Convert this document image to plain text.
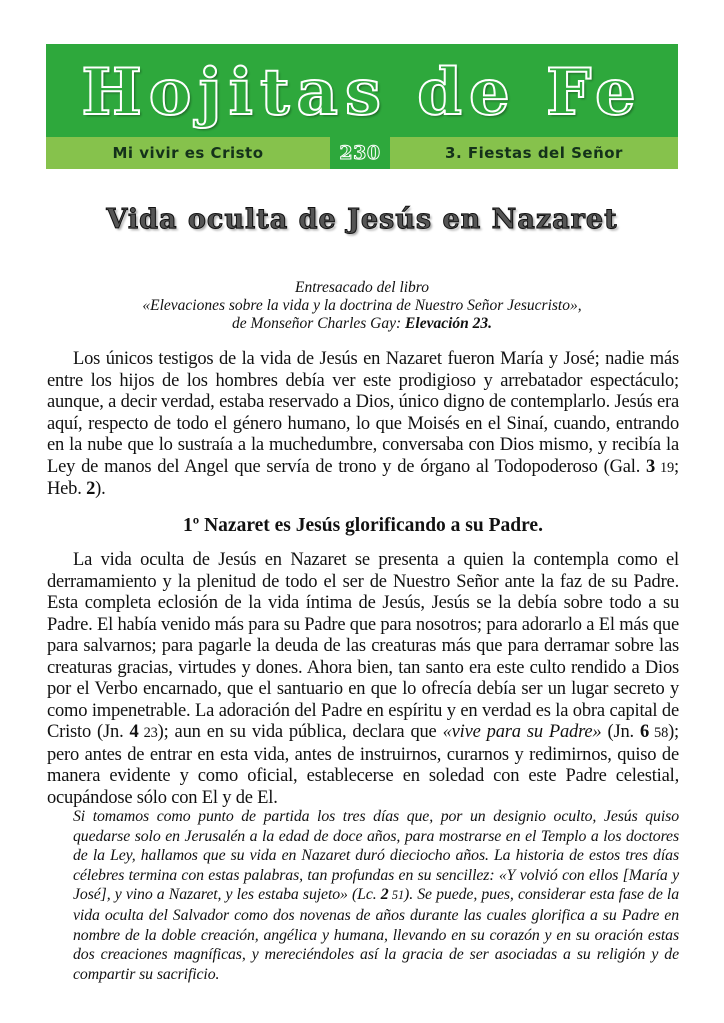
Hojitas de Fe
Mi vivir es Cristo	230	3. Fiestas del Señor
Vida oculta de Jesús en Nazaret
Entresacado del libro
«Elevaciones sobre la vida y la doctrina de Nuestro Señor Jesucristo»,
de Monseñor Charles Gay: Elevación 23.

Los únicos testigos de la vida de Jesús en Nazaret fueron María y José; nadie más entre los hijos de los hombres debía ver este prodigioso y arrebatador espectáculo; aunque, a decir verdad, estaba reservado a Dios, único digno de contemplarlo. Jesús era aquí, respecto de todo el género humano, lo que Moisés en el Sinaí, cuando, entrando en la nube que lo sustraía a la muchedumbre, conversaba con Dios mismo, y recibía la Ley de manos del Angel que servía de trono y de órgano al Todopoderoso (Gal. 3 19; Heb. 2).

1º Nazaret es Jesús glorificando a su Padre.

La vida oculta de Jesús en Nazaret se presenta a quien la contempla como el derramamiento y la plenitud de todo el ser de Nuestro Señor ante la faz de su Padre. Esta completa eclosión de la vida íntima de Jesús, Jesús se la debía sobre todo a su Padre. El había venido más para su Padre que para nosotros; para adorarlo a El más que para salvarnos; para pagarle la deuda de las creaturas más que para derramar sobre las creaturas gracias, virtudes y dones. Ahora bien, tan santo era este culto rendido a Dios por el Verbo encarnado, que el santuario en que lo ofrecía debía ser un lugar secreto y como impenetrable. La adoración del Padre en espíritu y en verdad es la obra capital de Cristo (Jn. 4 23); aun en su vida pública, declara que «vive para su Padre» (Jn. 6 58); pero antes de entrar en esta vida, antes de instruirnos, curarnos y redimirnos, quiso de manera evidente y como oficial, establecerse en soledad con este Padre celestial, ocupándose sólo con El y de El.

Si tomamos como punto de partida los tres días que, por un designio oculto, Jesús quiso quedarse solo en Jerusalén a la edad de doce años, para mostrarse en el Templo a los doctores de la Ley, hallamos que su vida en Nazaret duró dieciocho años. La historia de estos tres días célebres termina con estas palabras, tan profundas en su sencillez: «Y volvió con ellos [María y José], y vino a Nazaret, y les estaba sujeto» (Lc. 2 51). Se puede, pues, considerar esta fase de la vida oculta del Salvador como dos novenas de años durante las cuales glorifica a su Padre en nombre de la doble creación, angélica y humana, llevando en su corazón y en su oración estas dos creaciones magníficas, y mereciéndoles así la gracia de ser asociadas a su religión y de compartir su sacrificio.
